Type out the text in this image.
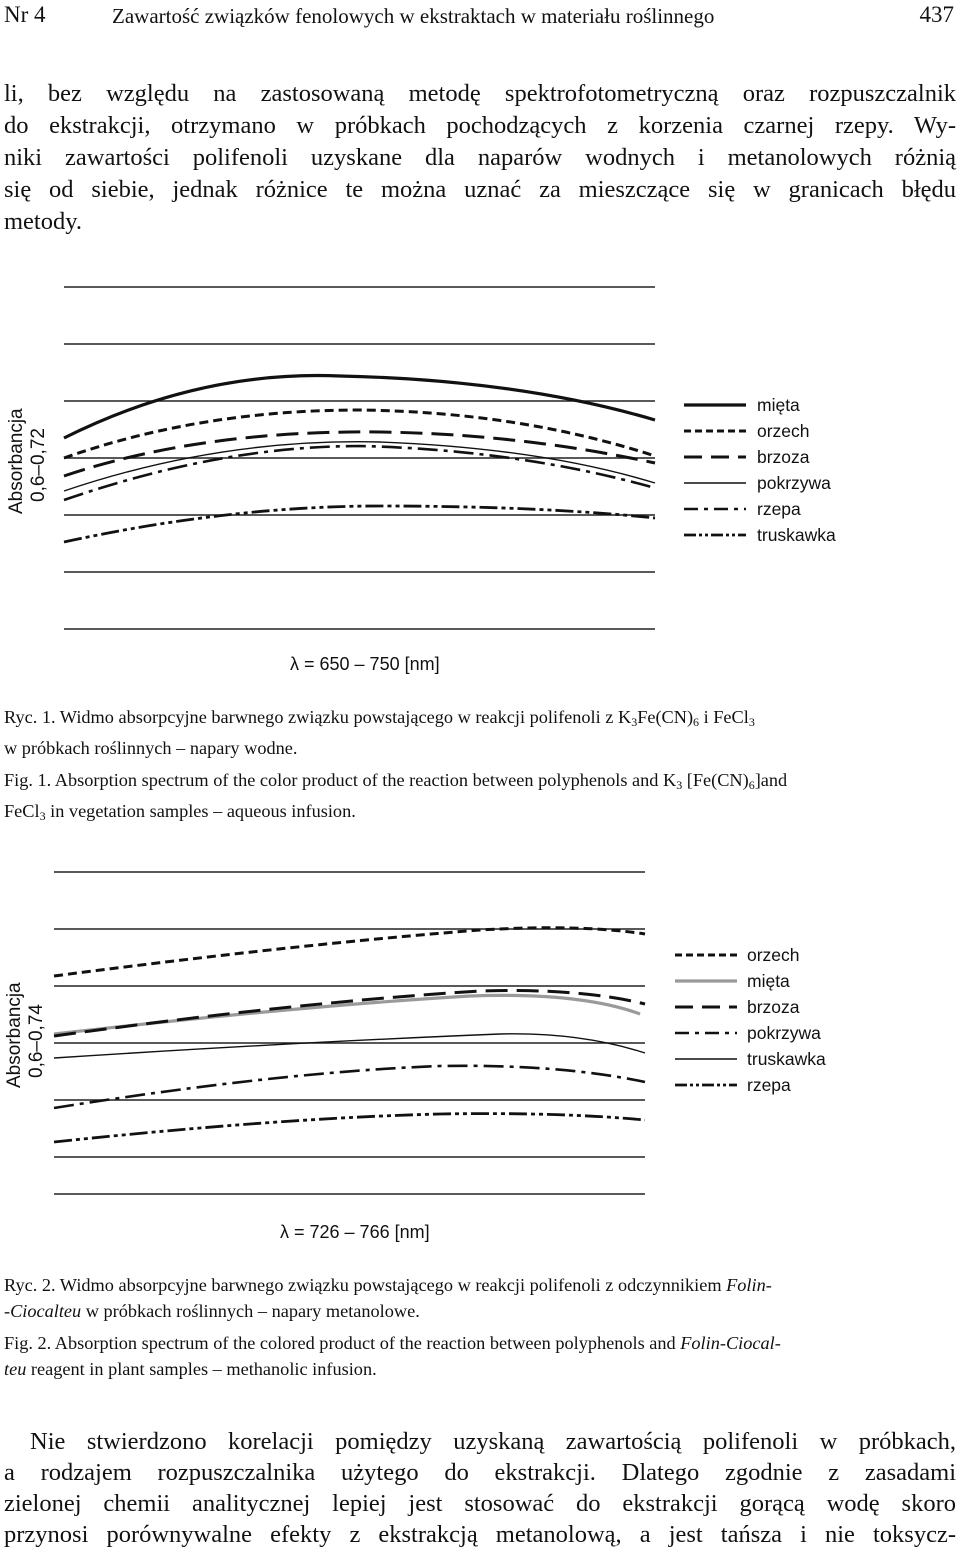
Nr 4	Zawartość związków fenolowych w ekstraktach w materiału roślinnego	437
li, bez względu na zastosowaną metodę spektrofotometryczną oraz rozpuszczalnik
do ekstrakcji, otrzymano w próbkach pochodzących z korzenia czarnej rzepy. Wy-
niki zawartości polifenoli uzyskane dla naparów wodnych i metanolowych różnią
się od siebie, jednak różnice te można uznać za mieszczące się w granicach błędu
metody.
Absorbancja 0,6–0,72
λ = 650 – 750 [nm]
mięta
orzech
brzoza
pokrzywa
rzepa
truskawka

Ryc. 1. Widmo absorpcyjne barwnego związku powstającego w reakcji polifenoli z $K_3Fe(CN)_6$ i FeCl$_3$
w próbkach roślinnych – napary wodne.

Fig. 1. Absorption spectrum of the color product of the reaction between polyphenols and $K_3$ $[Fe(CN)_6]and$
FeCl$_3$ in vegetation samples – aqueous infusion.

Absorbancja 0,6–0,74
λ = 726 – 766 [nm]
orzech
mięta
brzoza
pokrzywa
truskawka
rzepa

Ryc. 2. Widmo absorpcyjne barwnego związku powstającego w reakcji polifenoli z odczynnikiem Folin-
-Ciocalteu w próbkach roślinnych – napary metanolowe.

Fig. 2. Absorption spectrum of the colored product of the reaction between polyphenols and Folin-Ciocal-
teu reagent in plant samples – methanolic infusion.

Nie stwierdzono korelacji pomiędzy uzyskaną zawartością polifenoli w próbkach,
a rodzajem rozpuszczalnika użytego do ekstrakcji. Dlatego zgodnie z zasadami
zielonej chemii analitycznej lepiej jest stosować do ekstrakcji gorącą wodę skoro
przynosi porównywalne efekty z ekstrakcją metanolową, a jest tańsza i nie toksycz-
